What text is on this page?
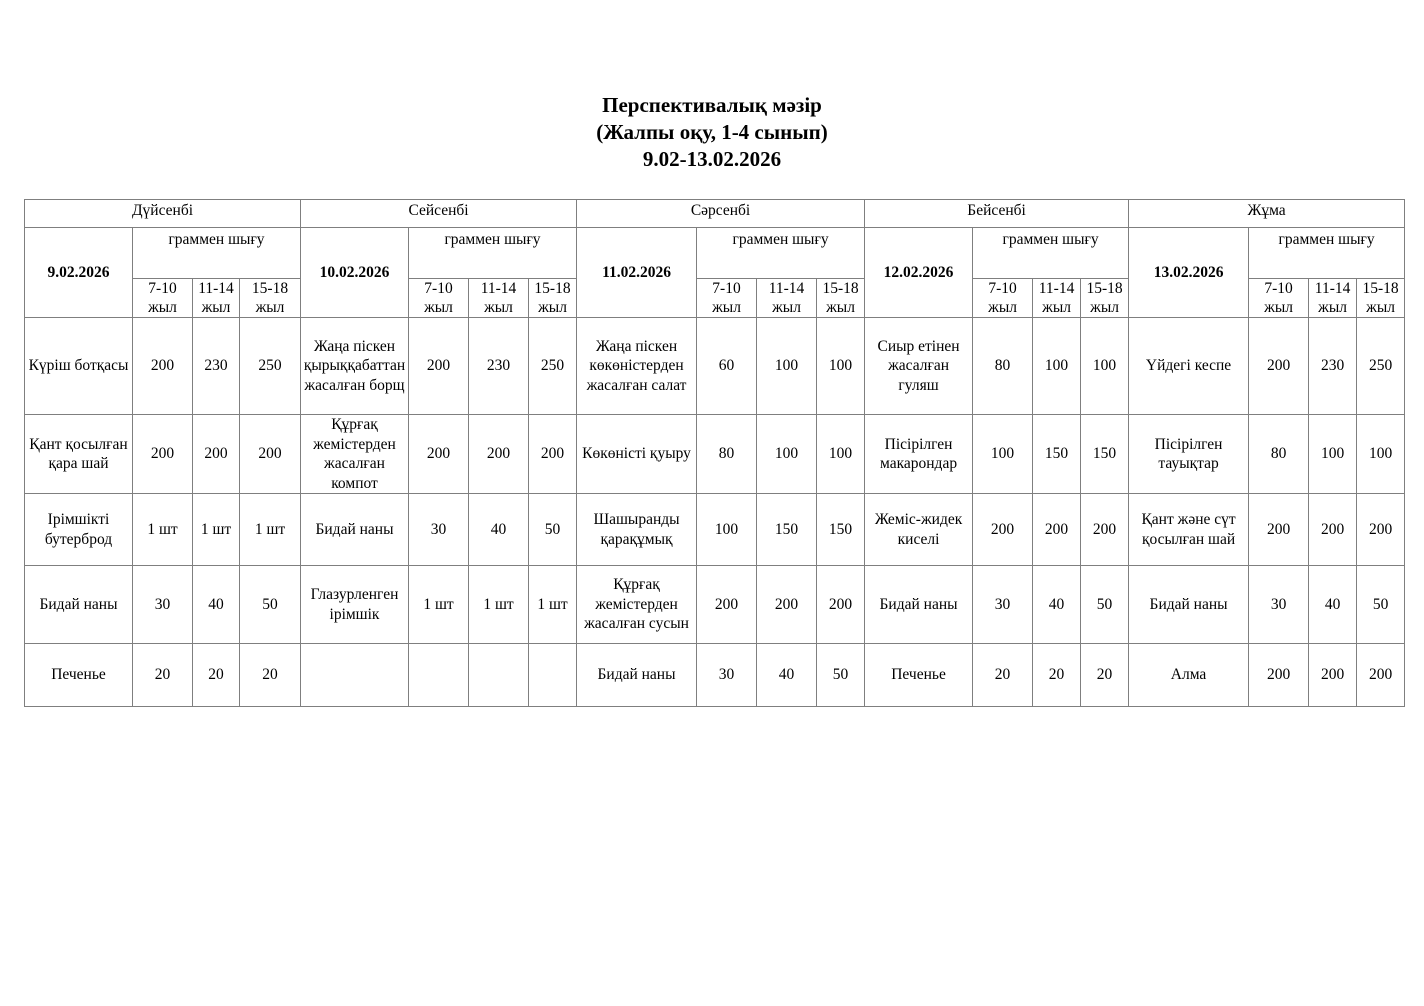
Перспективалық мәзір
(Жалпы оқу, 1-4 сынып)
9.02-13.02.2026
Дүйсенбі				Сейсенбі				Сәрсенбі				Бейсенбі				Жұма			
9.02.2026	граммен шығу			10.02.2026	граммен шығу			11.02.2026	граммен шығу			12.02.2026	граммен шығу			13.02.2026	граммен шығу		
	7-10 жыл	11-14 жыл	15-18 жыл		7-10 жыл	11-14 жыл	15-18 жыл		7-10 жыл	11-14 жыл	15-18 жыл		7-10 жыл	11-14 жыл	15-18 жыл		7-10 жыл	11-14 жыл	15-18 жыл
Күріш ботқасы	200	230	250	Жаңа піскен қырыққабаттан жасалған борщ	200	230	250	Жаңа піскен көкөністерден жасалған салат	60	100	100	Сиыр етінен жасалған гуляш	80	100	100	Үйдегі кеспе	200	230	250
Қант қосылған қара шай	200	200	200	Құрғақ жемістерден жасалған компот	200	200	200	Көкөністі қуыру	80	100	100	Пісірілген макарондар	100	150	150	Пісірілген тауықтар	80	100	100
Ірімшікті бутерброд	1 шт	1 шт	1 шт	Бидай наны	30	40	50	Шашыранды қарақұмық	100	150	150	Жеміс-жидек киселі	200	200	200	Қант және сүт қосылған шай	200	200	200
Бидай наны	30	40	50	Глазурленген ірімшік	1 шт	1 шт	1 шт	Құрғақ жемістерден жасалған сусын	200	200	200	Бидай наны	30	40	50	Бидай наны	30	40	50
Печенье	20	20	20					Бидай наны	30	40	50	Печенье	20	20	20	Алма	200	200	200
